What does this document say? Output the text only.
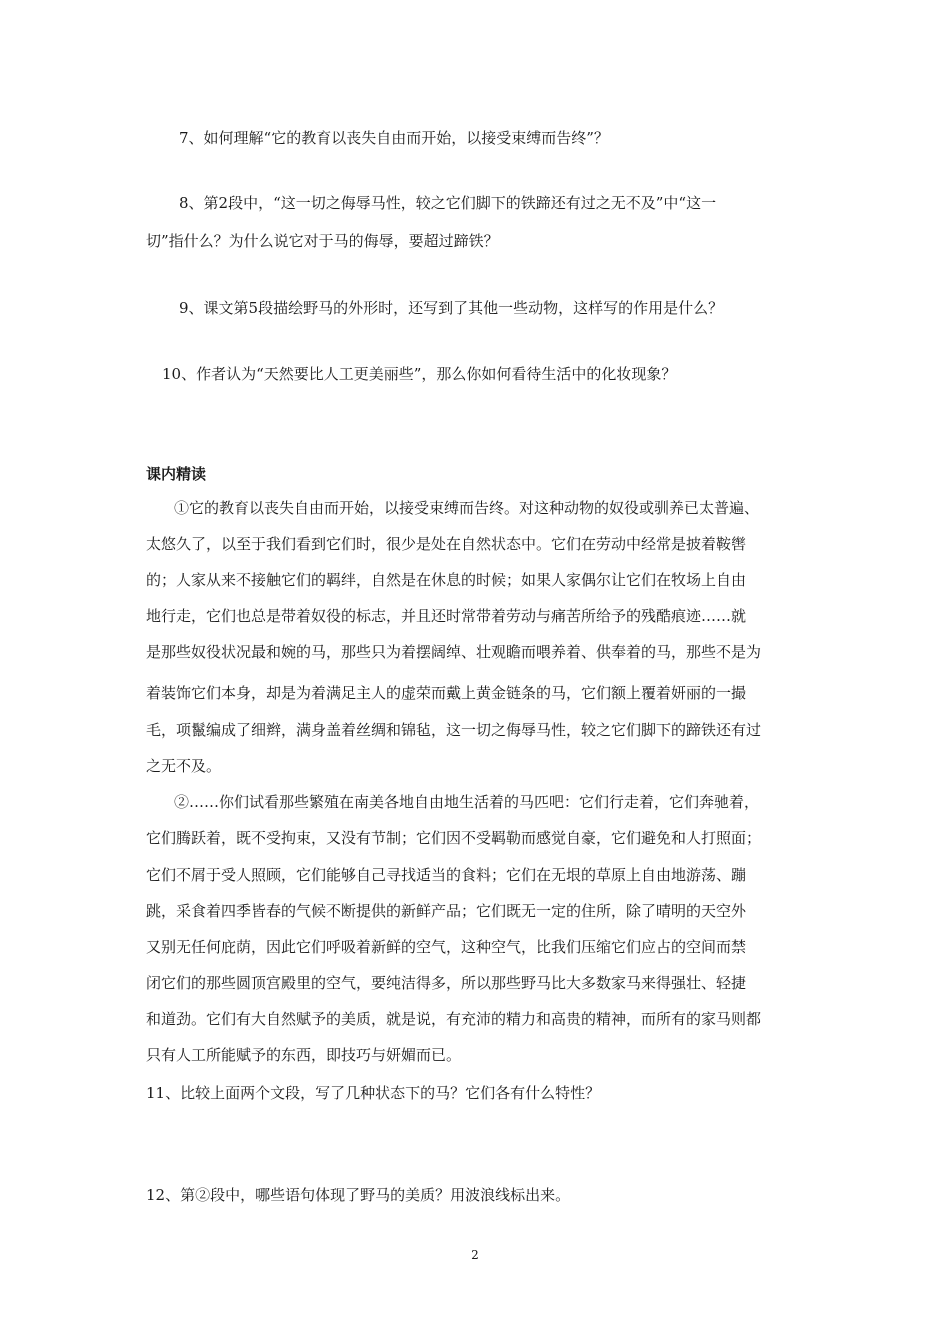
7、如何理解“它的教育以丧失自由而开始，以接受束缚而告终”？
8、第2段中，“这一切之侮辱马性，较之它们脚下的铁蹄还有过之无不及”中“这一
切”指什么？为什么说它对于马的侮辱，要超过蹄铁？
9、课文第5段描绘野马的外形时，还写到了其他一些动物，这样写的作用是什么？
10、作者认为“天然要比人工更美丽些”，那么你如何看待生活中的化妆现象？
课内精读
①它的教育以丧失自由而开始，以接受束缚而告终。对这种动物的奴役或驯养已太普遍、
太悠久了，以至于我们看到它们时，很少是处在自然状态中。它们在劳动中经常是披着鞍辔
的；人家从来不接触它们的羁绊，自然是在休息的时候；如果人家偶尔让它们在牧场上自由
地行走，它们也总是带着奴役的标志，并且还时常带着劳动与痛苦所给予的残酷痕迹……就
是那些奴役状况最和婉的马，那些只为着摆阔绰、壮观瞻而喂养着、供奉着的马，那些不是为
着装饰它们本身，却是为着满足主人的虚荣而戴上黄金链条的马，它们额上覆着妍丽的一撮
毛，项鬣编成了细辫，满身盖着丝绸和锦毡，这一切之侮辱马性，较之它们脚下的蹄铁还有过
之无不及。
②……你们试看那些繁殖在南美各地自由地生活着的马匹吧：它们行走着，它们奔驰着，
它们腾跃着，既不受拘束，又没有节制；它们因不受羁勒而感觉自豪，它们避免和人打照面；
它们不屑于受人照顾，它们能够自己寻找适当的食料；它们在无垠的草原上自由地游荡、蹦
跳，采食着四季皆春的气候不断提供的新鲜产品；它们既无一定的住所，除了晴明的天空外
又别无任何庇荫，因此它们呼吸着新鲜的空气，这种空气，比我们压缩它们应占的空间而禁
闭它们的那些圆顶宫殿里的空气，要纯洁得多，所以那些野马比大多数家马来得强壮、轻捷
和道劲。它们有大自然赋予的美质，就是说，有充沛的精力和高贵的精神，而所有的家马则都
只有人工所能赋予的东西，即技巧与妍媚而已。
11、比较上面两个文段，写了几种状态下的马？它们各有什么特性？
12、第②段中，哪些语句体现了野马的美质？用波浪线标出来。
2
